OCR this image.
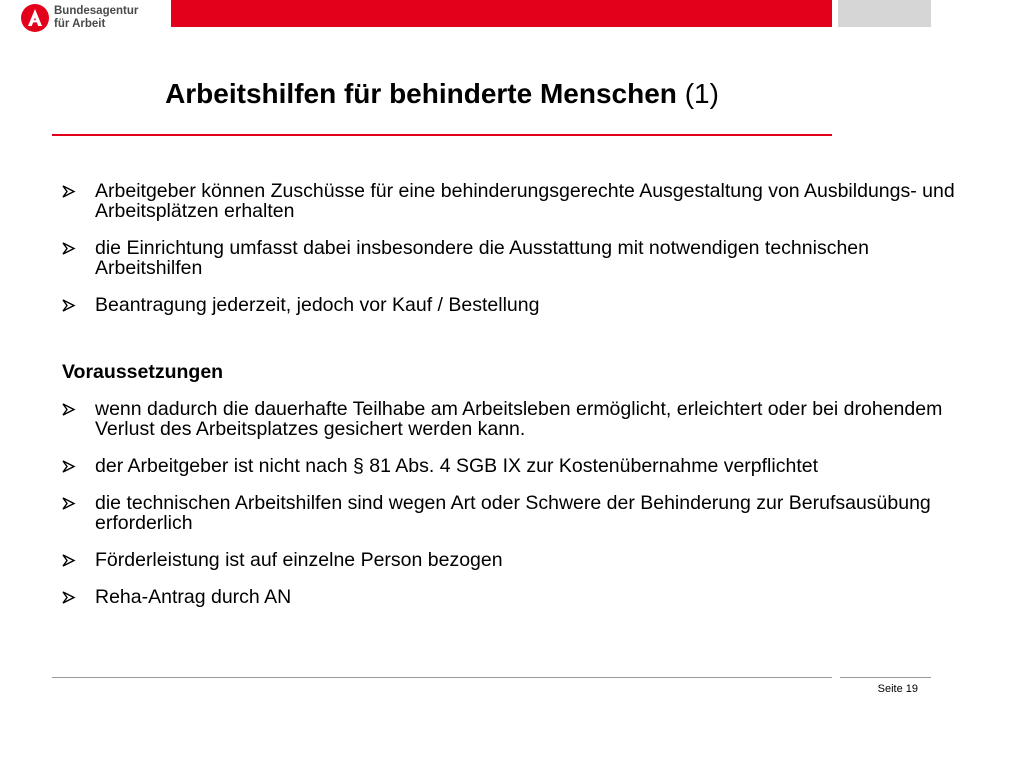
Bundesagentur
für Arbeit
Arbeitshilfen für behinderte Menschen (1)
Arbeitgeber können Zuschüsse für eine behinderungsgerechte Ausgestaltung von Ausbildungs- und Arbeitsplätzen erhalten
die Einrichtung umfasst dabei insbesondere die Ausstattung mit notwendigen technischen Arbeitshilfen
Beantragung jederzeit, jedoch vor Kauf / Bestellung
Voraussetzungen
wenn dadurch die dauerhafte Teilhabe am Arbeitsleben ermöglicht, erleichtert oder bei drohendem Verlust des Arbeitsplatzes gesichert werden kann.
der Arbeitgeber ist nicht nach § 81 Abs. 4 SGB IX zur Kostenübernahme verpflichtet
die technischen Arbeitshilfen sind wegen Art oder Schwere der Behinderung zur Berufsausübung erforderlich
Förderleistung ist auf einzelne Person bezogen
Reha-Antrag durch AN
Seite 19
